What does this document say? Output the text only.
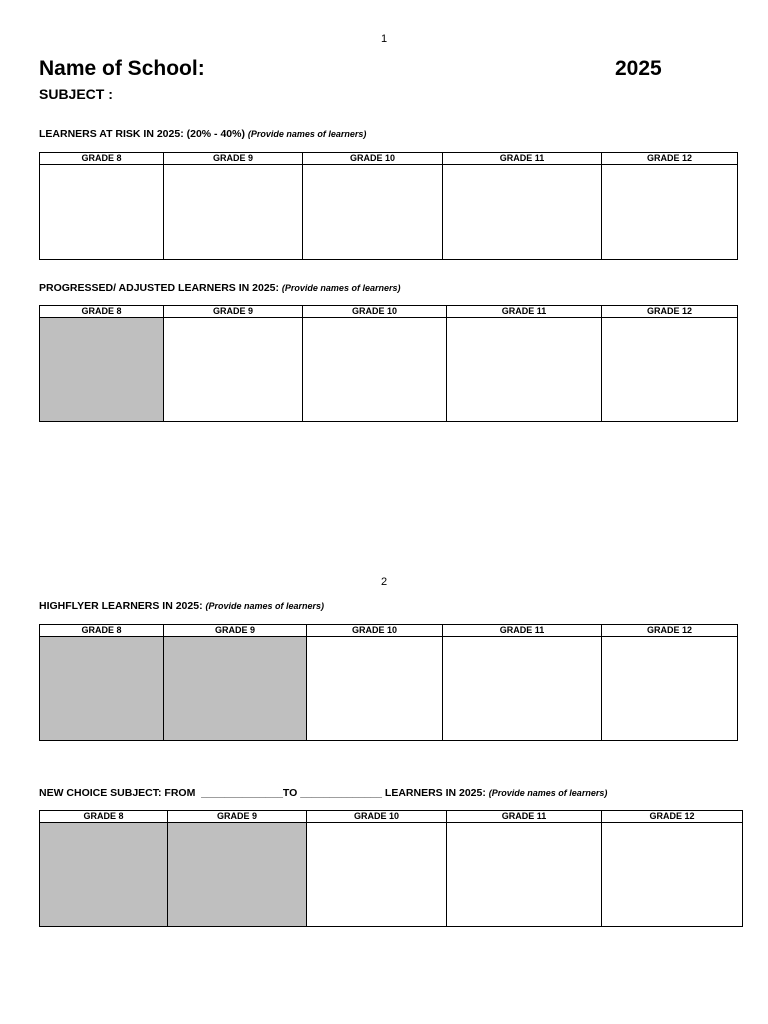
1
Name of School:	2025
SUBJECT :
LEARNERS AT RISK IN 2025: (20% - 40%) (Provide names of learners)
GRADE 8	GRADE 9	GRADE 10	GRADE 11	GRADE 12

PROGRESSED/ ADJUSTED LEARNERS IN 2025: (Provide names of learners)
GRADE 8	GRADE 9	GRADE 10	GRADE 11	GRADE 12

2
HIGHFLYER LEARNERS IN 2025: (Provide names of learners)
GRADE 8	GRADE 9	GRADE 10	GRADE 11	GRADE 12

NEW CHOICE SUBJECT: FROM  ______________TO ______________ LEARNERS IN 2025: (Provide names of learners)
GRADE 8	GRADE 9	GRADE 10	GRADE 11	GRADE 12
